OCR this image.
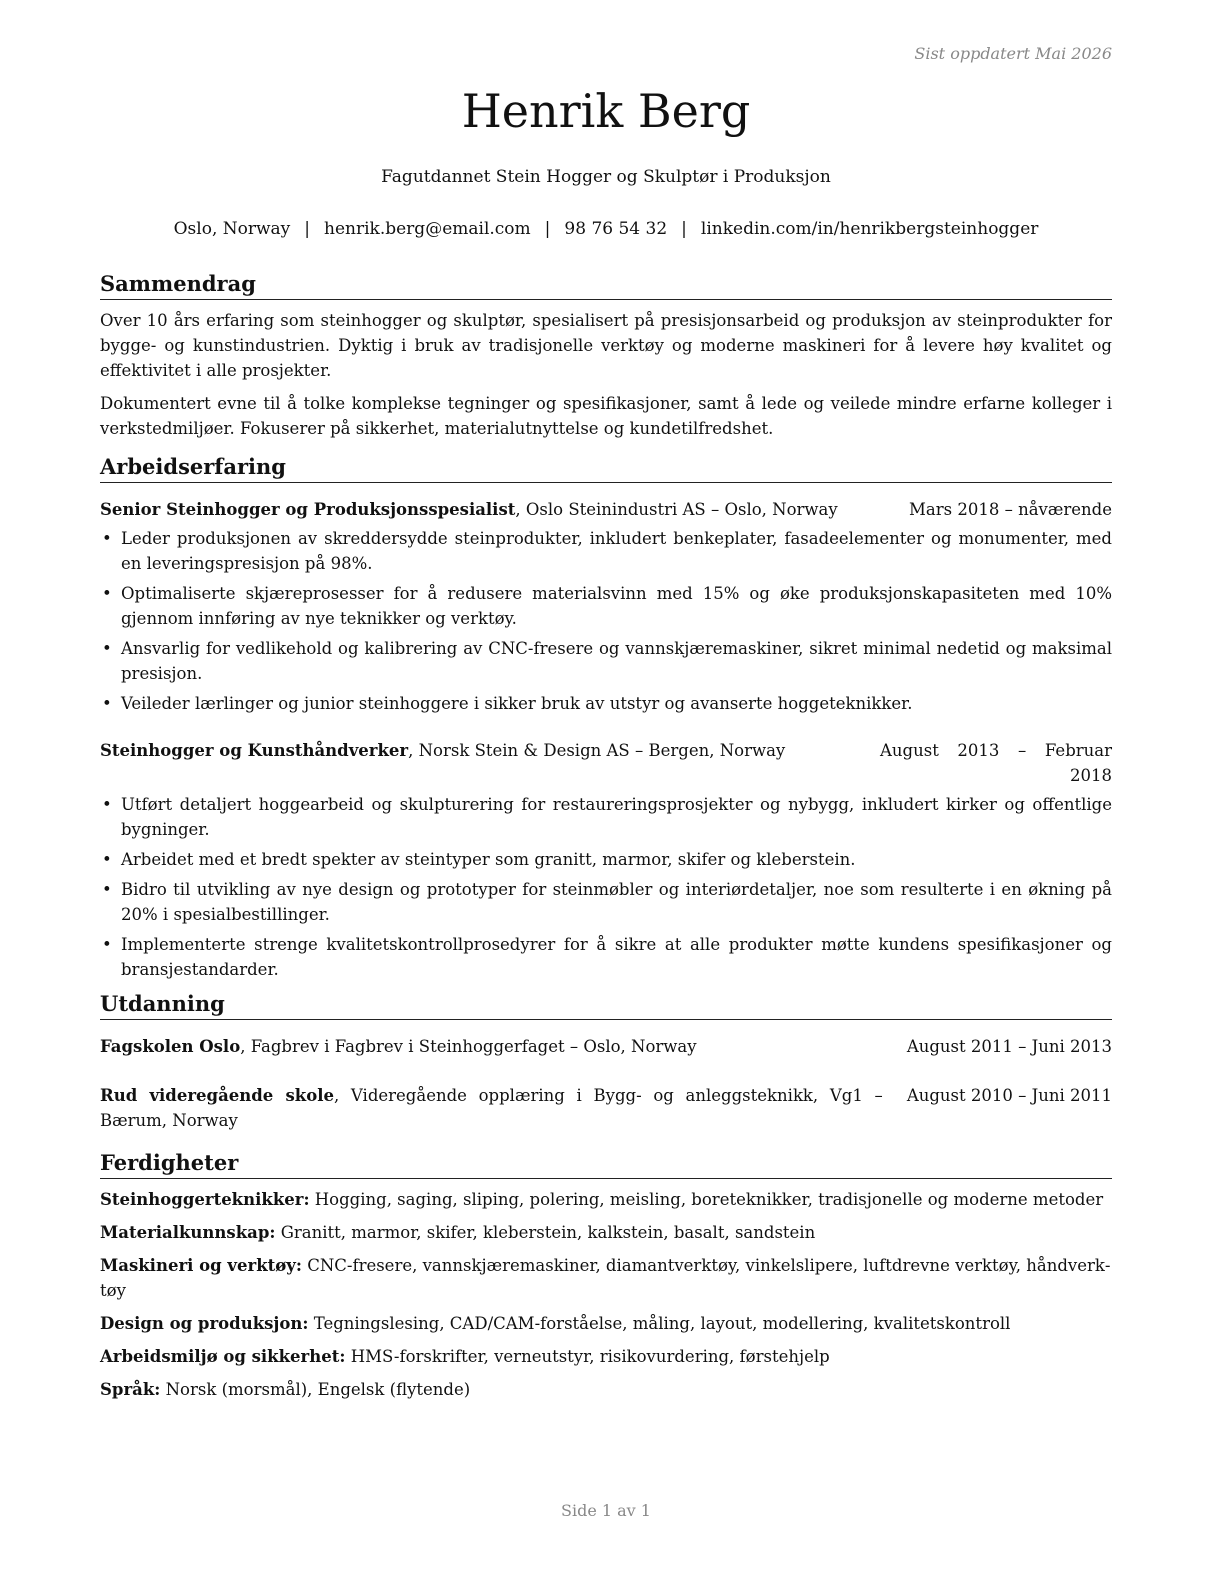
Sist oppdatert Mai 2026
Henrik Berg
Fagutdannet Stein Hogger og Skulptør i Produksjon
Oslo, Norway | henrik.berg@email.com | 98 76 54 32 | linkedin.com/in/henrikbergsteinhogger
Sammendrag

Over 10 års erfaring som steinhogger og skulptør, spesialisert på presisjonsarbeid og produksjon av steinprodukter for bygge- og kunstindustrien. Dyktig i bruk av tradisjonelle verktøy og moderne maskineri for å levere høy kvalitet og effektivitet i alle prosjekter.

Dokumentert evne til å tolke komplekse tegninger og spesifikasjoner, samt å lede og veilede mindre erfarne kolleger i verkstedmiljøer. Fokuserer på sikkerhet, materialutnyttelse og kundetilfredshet.

Arbeidserfaring
Senior Steinhogger og Produksjonsspesialist, Oslo Steinindustri AS – Oslo, Norway	Mars 2018 – nåværende
• Leder produksjonen av skreddersydde steinprodukter, inkludert benkeplater, fasadeelementer og monumenter, med en leveringspresisjon på 98%.
• Optimaliserte skjæreprosesser for å redusere materialsvinn med 15% og øke produksjonskapasiteten med 10% gjennom innføring av nye teknikker og verktøy.
• Ansvarlig for vedlikehold og kalibrering av CNC-fresere og vannskjæremaskiner, sikret minimal nedetid og maksimal presisjon.
• Veileder lærlinger og junior steinhoggere i sikker bruk av utstyr og avanserte hoggeteknikker.
Steinhogger og Kunsthåndverker, Norsk Stein & Design AS – Bergen, Norway	August 2013 – Februar 2018
• Utført detaljert hoggearbeid og skulpturering for restaureringsprosjekter og nybygg, inkludert kirker og offentlige bygninger.
• Arbeidet med et bredt spekter av steintyper som granitt, marmor, skifer og kleberstein.
• Bidro til utvikling av nye design og prototyper for steinmøbler og interiørdetaljer, noe som resulterte i en økning på 20% i spesialbestillinger.
• Implementerte strenge kvalitetskontrollprosedyrer for å sikre at alle produkter møtte kundens spesifikasjoner og bransjestandarder.
Utdanning
Fagskolen Oslo, Fagbrev i Fagbrev i Steinhoggerfaget – Oslo, Norway	August 2011 – Juni 2013
Rud videregående skole, Videregående opplæring i Bygg- og anleggsteknikk, Vg1 – Bærum, Norway
August 2010 – Juni 2011
Ferdigheter
Steinhoggerteknikker: Hogging, saging, sliping, polering, meisling, boreteknikker, tradisjonelle og moderne metoder
Materialkunnskap: Granitt, marmor, skifer, kleberstein, kalkstein, basalt, sandstein
Maskineri og verktøy: CNC-fresere, vannskjæremaskiner, diamantverktøy, vinkelslipere, luftdrevne verktøy, håndverktøy
Design og produksjon: Tegningslesing, CAD/CAM-forståelse, måling, layout, modellering, kvalitetskontroll
Arbeidsmiljø og sikkerhet: HMS-forskrifter, verneutstyr, risikovurdering, førstehjelp
Språk: Norsk (morsmål), Engelsk (flytende)
Side 1 av 1
